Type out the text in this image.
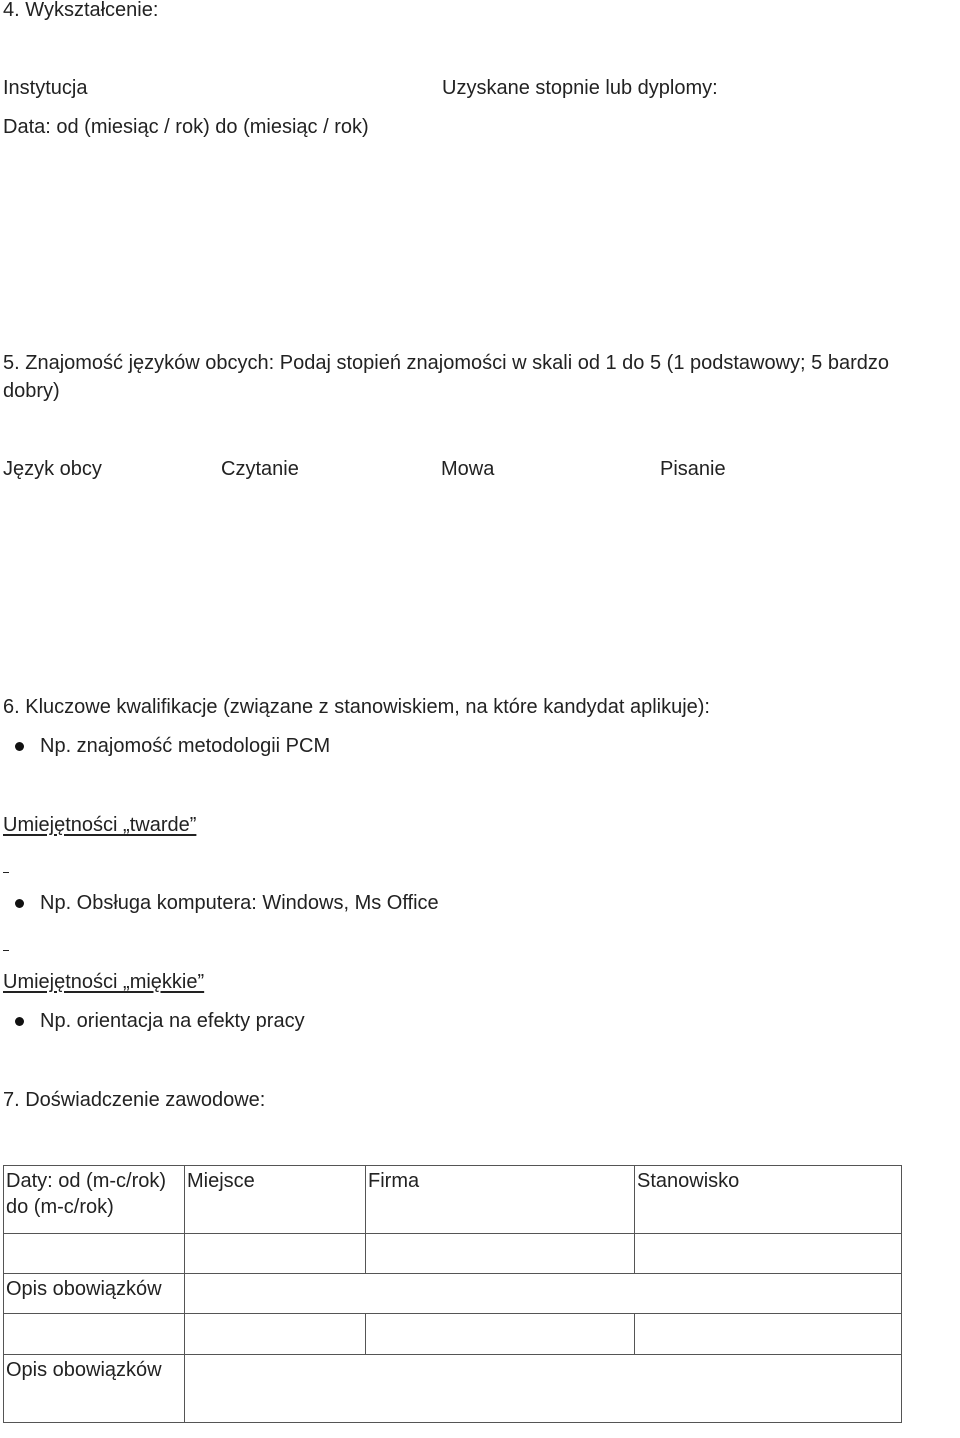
4. Wykształcenie:
Instytucja	Uzyskane stopnie lub dyplomy:
Data: od (miesiąc / rok) do (miesiąc / rok)
5. Znajomość języków obcych: Podaj stopień znajomości w skali od 1 do 5 (1 podstawowy; 5 bardzo
dobry)
Język obcy	Czytanie	Mowa	Pisanie
6. Kluczowe kwalifikacje (związane z stanowiskiem, na które kandydat aplikuje):
Np. znajomość metodologii PCM
Umiejętności „twarde”
Np. Obsługa komputera: Windows, Ms Office
Umiejętności „miękkie”
Np. orientacja na efekty pracy
7. Doświadczenie zawodowe:
Daty: od (m-c/rok) do (m-c/rok)	Miejsce	Firma	Stanowisko

Opis obowiązków			

Opis obowiązków			
